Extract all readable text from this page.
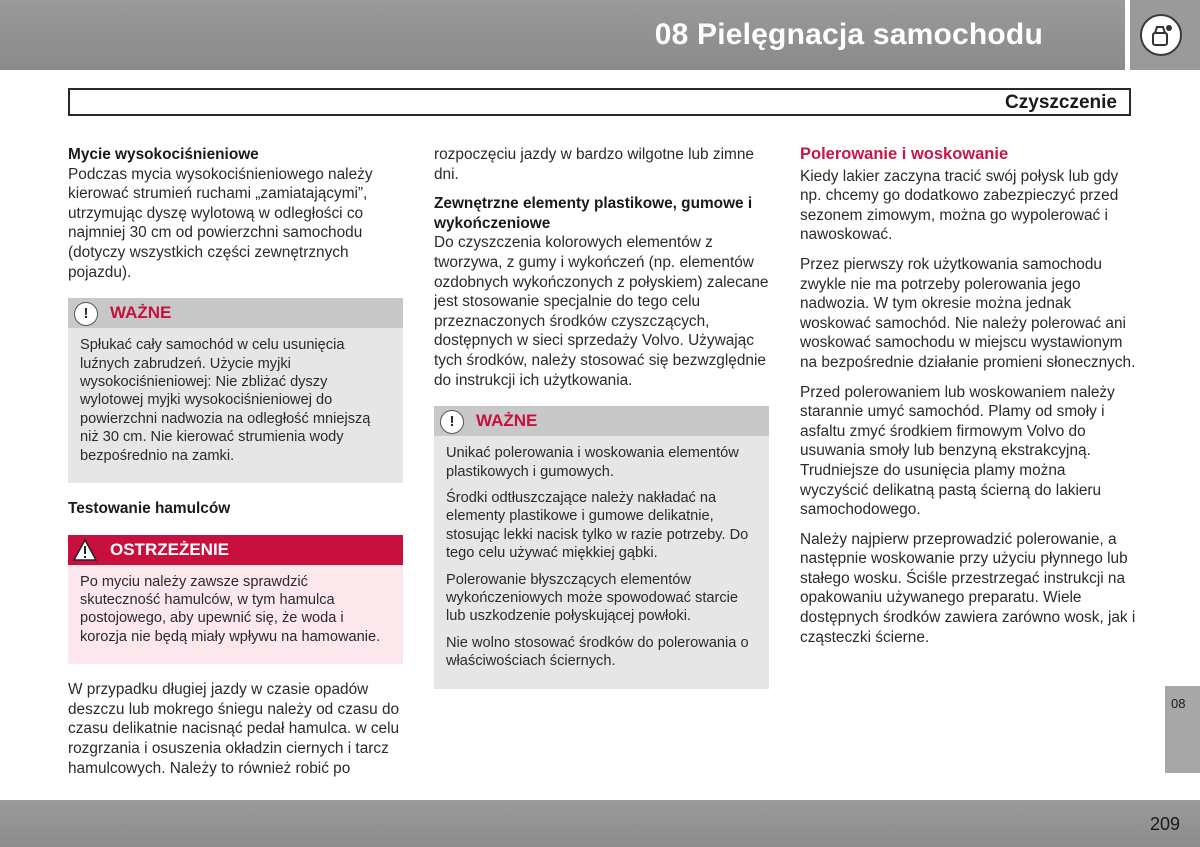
08 Pielęgnacja samochodu
Czyszczenie
Mycie wysokociśnieniowe

Podczas mycia wysokociśnieniowego należy kierować strumień ruchami „zamiatającymi”, utrzymując dyszę wylotową w odległości co najmniej 30 cm od powierzchni samochodu (dotyczy wszystkich części zewnętrznych pojazdu).

!	WAŻNE

Spłukać cały samochód w celu usunięcia luźnych zabrudzeń. Użycie myjki wysokociśnieniowej: Nie zbliżać dyszy wylotowej myjki wysokociśnieniowej do powierzchni nadwozia na odległość mniejszą niż 30 cm. Nie kierować strumienia wody bezpośrednio na zamki.

Testowanie hamulców
OSTRZEŻENIE

Po myciu należy zawsze sprawdzić skuteczność hamulców, w tym hamulca postojowego, aby upewnić się, że woda i korozja nie będą miały wpływu na hamowanie.

W przypadku długiej jazdy w czasie opadów deszczu lub mokrego śniegu należy od czasu do czasu delikatnie nacisnąć pedał hamulca. w celu rozgrzania i osuszenia okładzin ciernych i tarcz hamulcowych. Należy to również robić po

rozpoczęciu jazdy w bardzo wilgotne lub zimne dni.

Zewnętrzne elementy plastikowe, gumowe i wykończeniowe

Do czyszczenia kolorowych elementów z tworzywa, z gumy i wykończeń (np. elementów ozdobnych wykończonych z połyskiem) zalecane jest stosowanie specjalnie do tego celu przeznaczonych środków czyszczących, dostępnych w sieci sprzedaży Volvo. Używając tych środków, należy stosować się bezwzględnie do instrukcji ich użytkowania.

!	WAŻNE

Unikać polerowania i woskowania elementów plastikowych i gumowych.

Środki odtłuszczające należy nakładać na elementy plastikowe i gumowe delikatnie, stosując lekki nacisk tylko w razie potrzeby. Do tego celu używać miękkiej gąbki.

Polerowanie błyszczących elementów wykończeniowych może spowodować starcie lub uszkodzenie połyskującej powłoki.

Nie wolno stosować środków do polerowania o właściwościach ściernych.

Polerowanie i woskowanie

Kiedy lakier zaczyna tracić swój połysk lub gdy np. chcemy go dodatkowo zabezpieczyć przed sezonem zimowym, można go wypolerować i nawoskować.

Przez pierwszy rok użytkowania samochodu zwykle nie ma potrzeby polerowania jego nadwozia. W tym okresie można jednak woskować samochód. Nie należy polerować ani woskować samochodu w miejscu wystawionym na bezpośrednie działanie promieni słonecznych.

Przed polerowaniem lub woskowaniem należy starannie umyć samochód. Plamy od smoły i asfaltu zmyć środkiem firmowym Volvo do usuwania smoły lub benzyną ekstrakcyjną. Trudniejsze do usunięcia plamy można wyczyścić delikatną pastą ścierną do lakieru samochodowego.

Należy najpierw przeprowadzić polerowanie, a następnie woskowanie przy użyciu płynnego lub stałego wosku. Ściśle przestrzegać instrukcji na opakowaniu używanego preparatu. Wiele dostępnych środków zawiera zarówno wosk, jak i cząsteczki ścierne.

08
209
